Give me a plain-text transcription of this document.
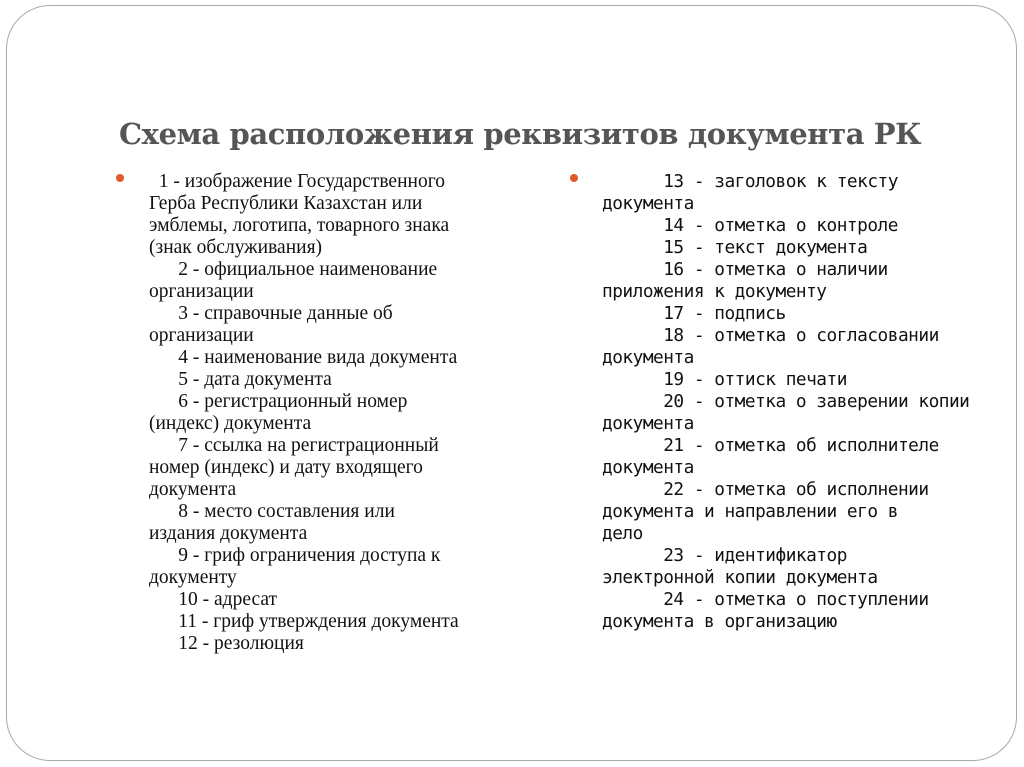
Схема расположения реквизитов документа РК
1 - изображение Государственного
Герба Республики Казахстан или
эмблемы, логотипа, товарного знака
(знак обслуживания)
2 - официальное наименование
организации
3 - справочные данные об
организации
4 - наименование вида документа
5 - дата документа
6 - регистрационный номер
(индекс) документа
7 - ссылка на регистрационный
номер (индекс) и дату входящего
документа
8 - место составления или
издания документа
9 - гриф ограничения доступа к
документу
10 - адресат
11 - гриф утверждения документа
12 - резолюция
13 - заголовок к тексту
документа
14 - отметка о контроле
15 - текст документа
16 - отметка о наличии
приложения к документу
17 - подпись
18 - отметка о согласовании
документа
19 - оттиск печати
20 - отметка о заверении копии
документа
21 - отметка об исполнителе
документа
22 - отметка об исполнении
документа и направлении его в
дело
23 - идентификатор
электронной копии документа
24 - отметка о поступлении
документа в организацию
